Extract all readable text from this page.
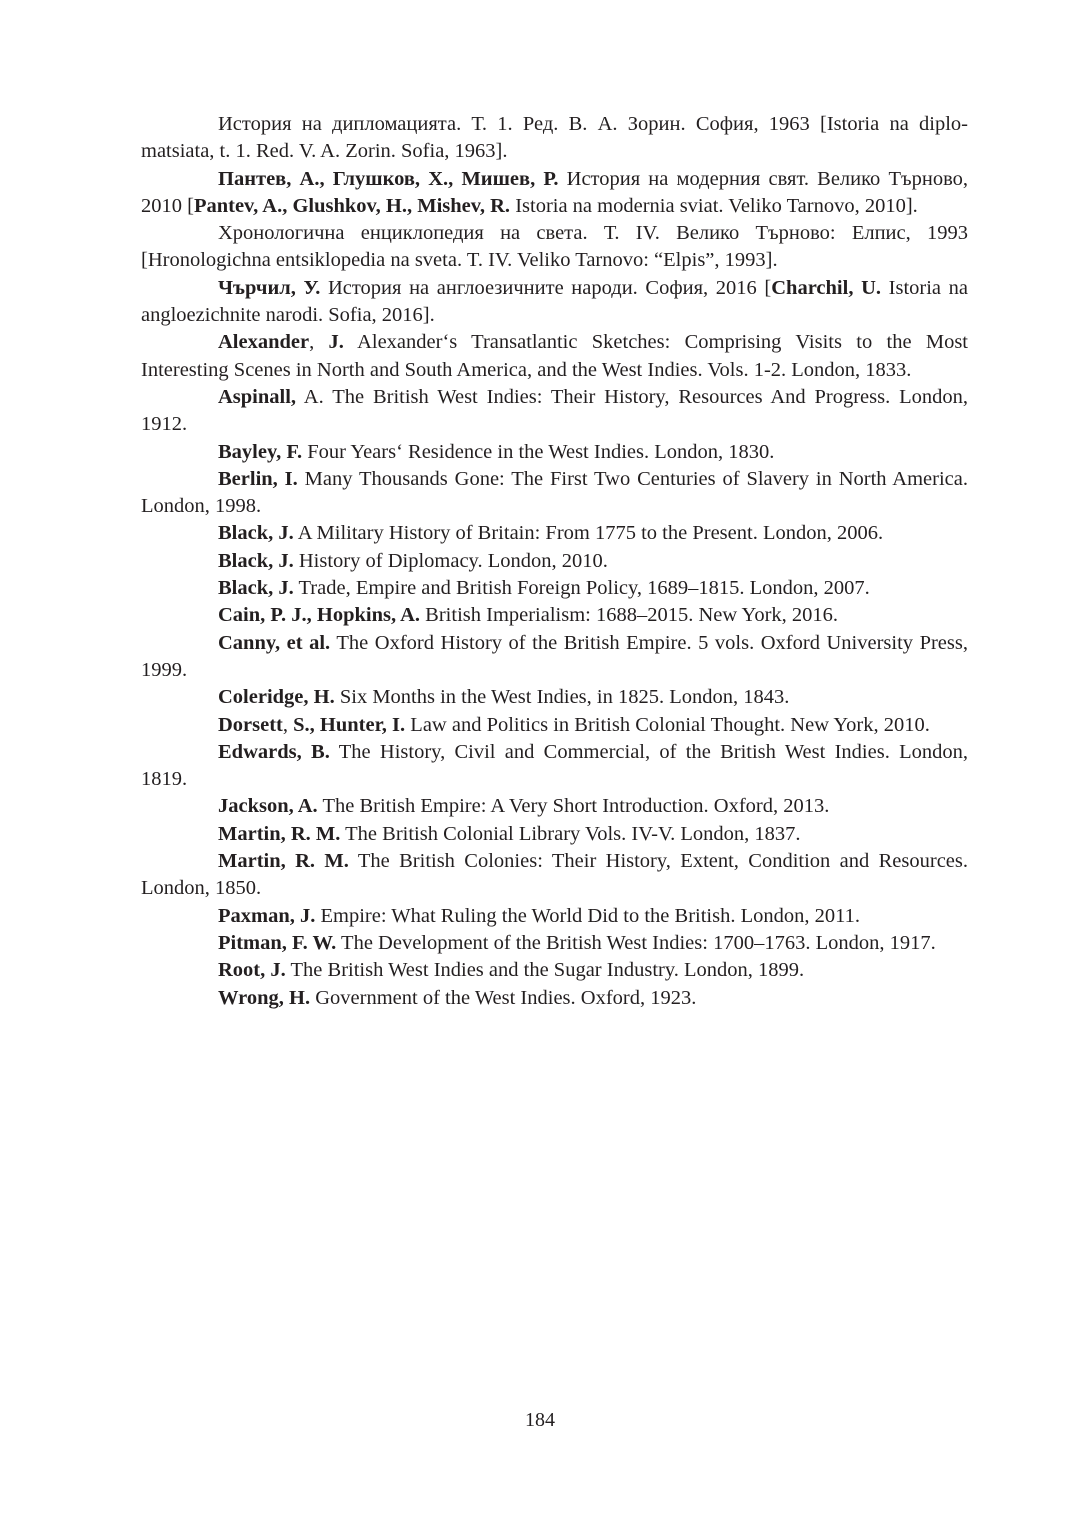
История на дипломацията. Т. 1. Ред. В. А. Зорин. София, 1963 [Istoria na diplomatsiata, t. 1. Red. V. A. Zorin. Sofia, 1963].

Пантев, А., Глушков, Х., Мишев, Р. История на модерния свят. Велико Търново, 2010 [Pantev, A., Glushkov, H., Mishev, R. Istoria na modernia sviat. Veliko Tarnovo, 2010].

Хронологична енциклопедия на света. Т. IV. Велико Търново: Елпис, 1993 [Hronologichna entsiklopedia na sveta. T. IV. Veliko Tarnovo: “Elpis”, 1993].

Чърчил, У. История на англоезичните народи. София, 2016 [Charchil, U. Istoria na angloezichnite narodi. Sofia, 2016].

Alexander, J. Alexander‘s Transatlantic Sketches: Comprising Visits to the Most Interesting Scenes in North and South America, and the West Indies. Vols. 1-2. London, 1833.

Aspinall, A. The British West Indies: Their History, Resources And Progress. London, 1912.

Bayley, F. Four Years‘ Residence in the West Indies. London, 1830.

Berlin, I. Many Thousands Gone: The First Two Centuries of Slavery in North America. London, 1998.

Black, J. A Military History of Britain: From 1775 to the Present. London, 2006.

Black, J. History of Diplomacy. London, 2010.

Black, J. Trade, Empire and British Foreign Policy, 1689–1815. London, 2007.

Cain, P. J., Hopkins, A. British Imperialism: 1688–2015. New York, 2016.

Canny, et al. The Oxford History of the British Empire. 5 vols. Oxford University Press, 1999.

Coleridge, H. Six Months in the West Indies, in 1825. London, 1843.

Dorsett, S., Hunter, I. Law and Politics in British Colonial Thought. New York, 2010.

Edwards, B. The History, Civil and Commercial, of the British West Indies. London, 1819.

Jackson, A. The British Empire: A Very Short Introduction. Oxford, 2013.

Martin, R. M. The British Colonial Library Vols. IV-V. London, 1837.

Martin, R. M. The British Colonies: Their History, Extent, Condition and Resources. London, 1850.

Paxman, J. Empire: What Ruling the World Did to the British. London, 2011.

Pitman, F. W. The Development of the British West Indies: 1700–1763. London, 1917.

Root, J. The British West Indies and the Sugar Industry. London, 1899.

Wrong, H. Government of the West Indies. Oxford, 1923.

184
